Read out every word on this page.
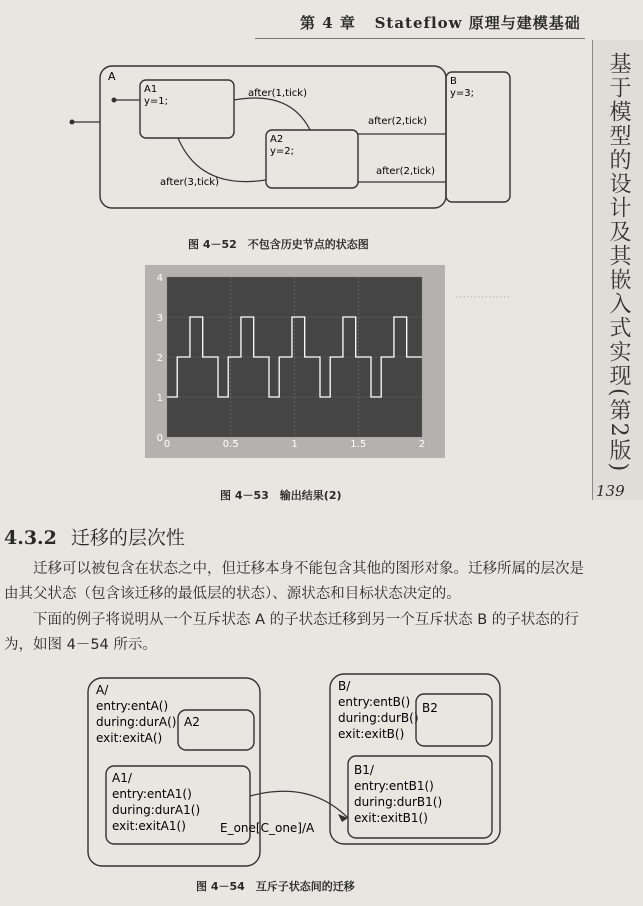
第 4 章 Stateflow 原理与建模基础
基于模型的设计及其嵌入式实现(第2版)
139
A
A1
y=1;
A2
y=2;
B
y=3;
after(1,tick)
after(3,tick)
after(2,tick)
after(2,tick)
图 4－52　不包含历史节点的状态图
0	0.5	1	1.5	2
0
1
2
3
4
图 4－53　输出结果(2)
⋯⋯⋯⋯⋯
4.3.2 迁移的层次性
迁移可以被包含在状态之中，但迁移本身不能包含其他的图形对象。迁移所属的层次是由其父状态（包含该迁移的最低层的状态）、源状态和目标状态决定的。
下面的例子将说明从一个互斥状态 A 的子状态迁移到另一个互斥状态 B 的子状态的行为，如图 4－54 所示。
A/
entry:entA()
during:durA()
exit:exitA()
A2
A1/
entry:entA1()
during:durA1()
exit:exitA1()
B/
entry:entB()
during:durB()
exit:exitB()
B2
B1/
entry:entB1()
during:durB1()
exit:exitB1()
E_one[C_one]/A
图 4－54　互斥子状态间的迁移
